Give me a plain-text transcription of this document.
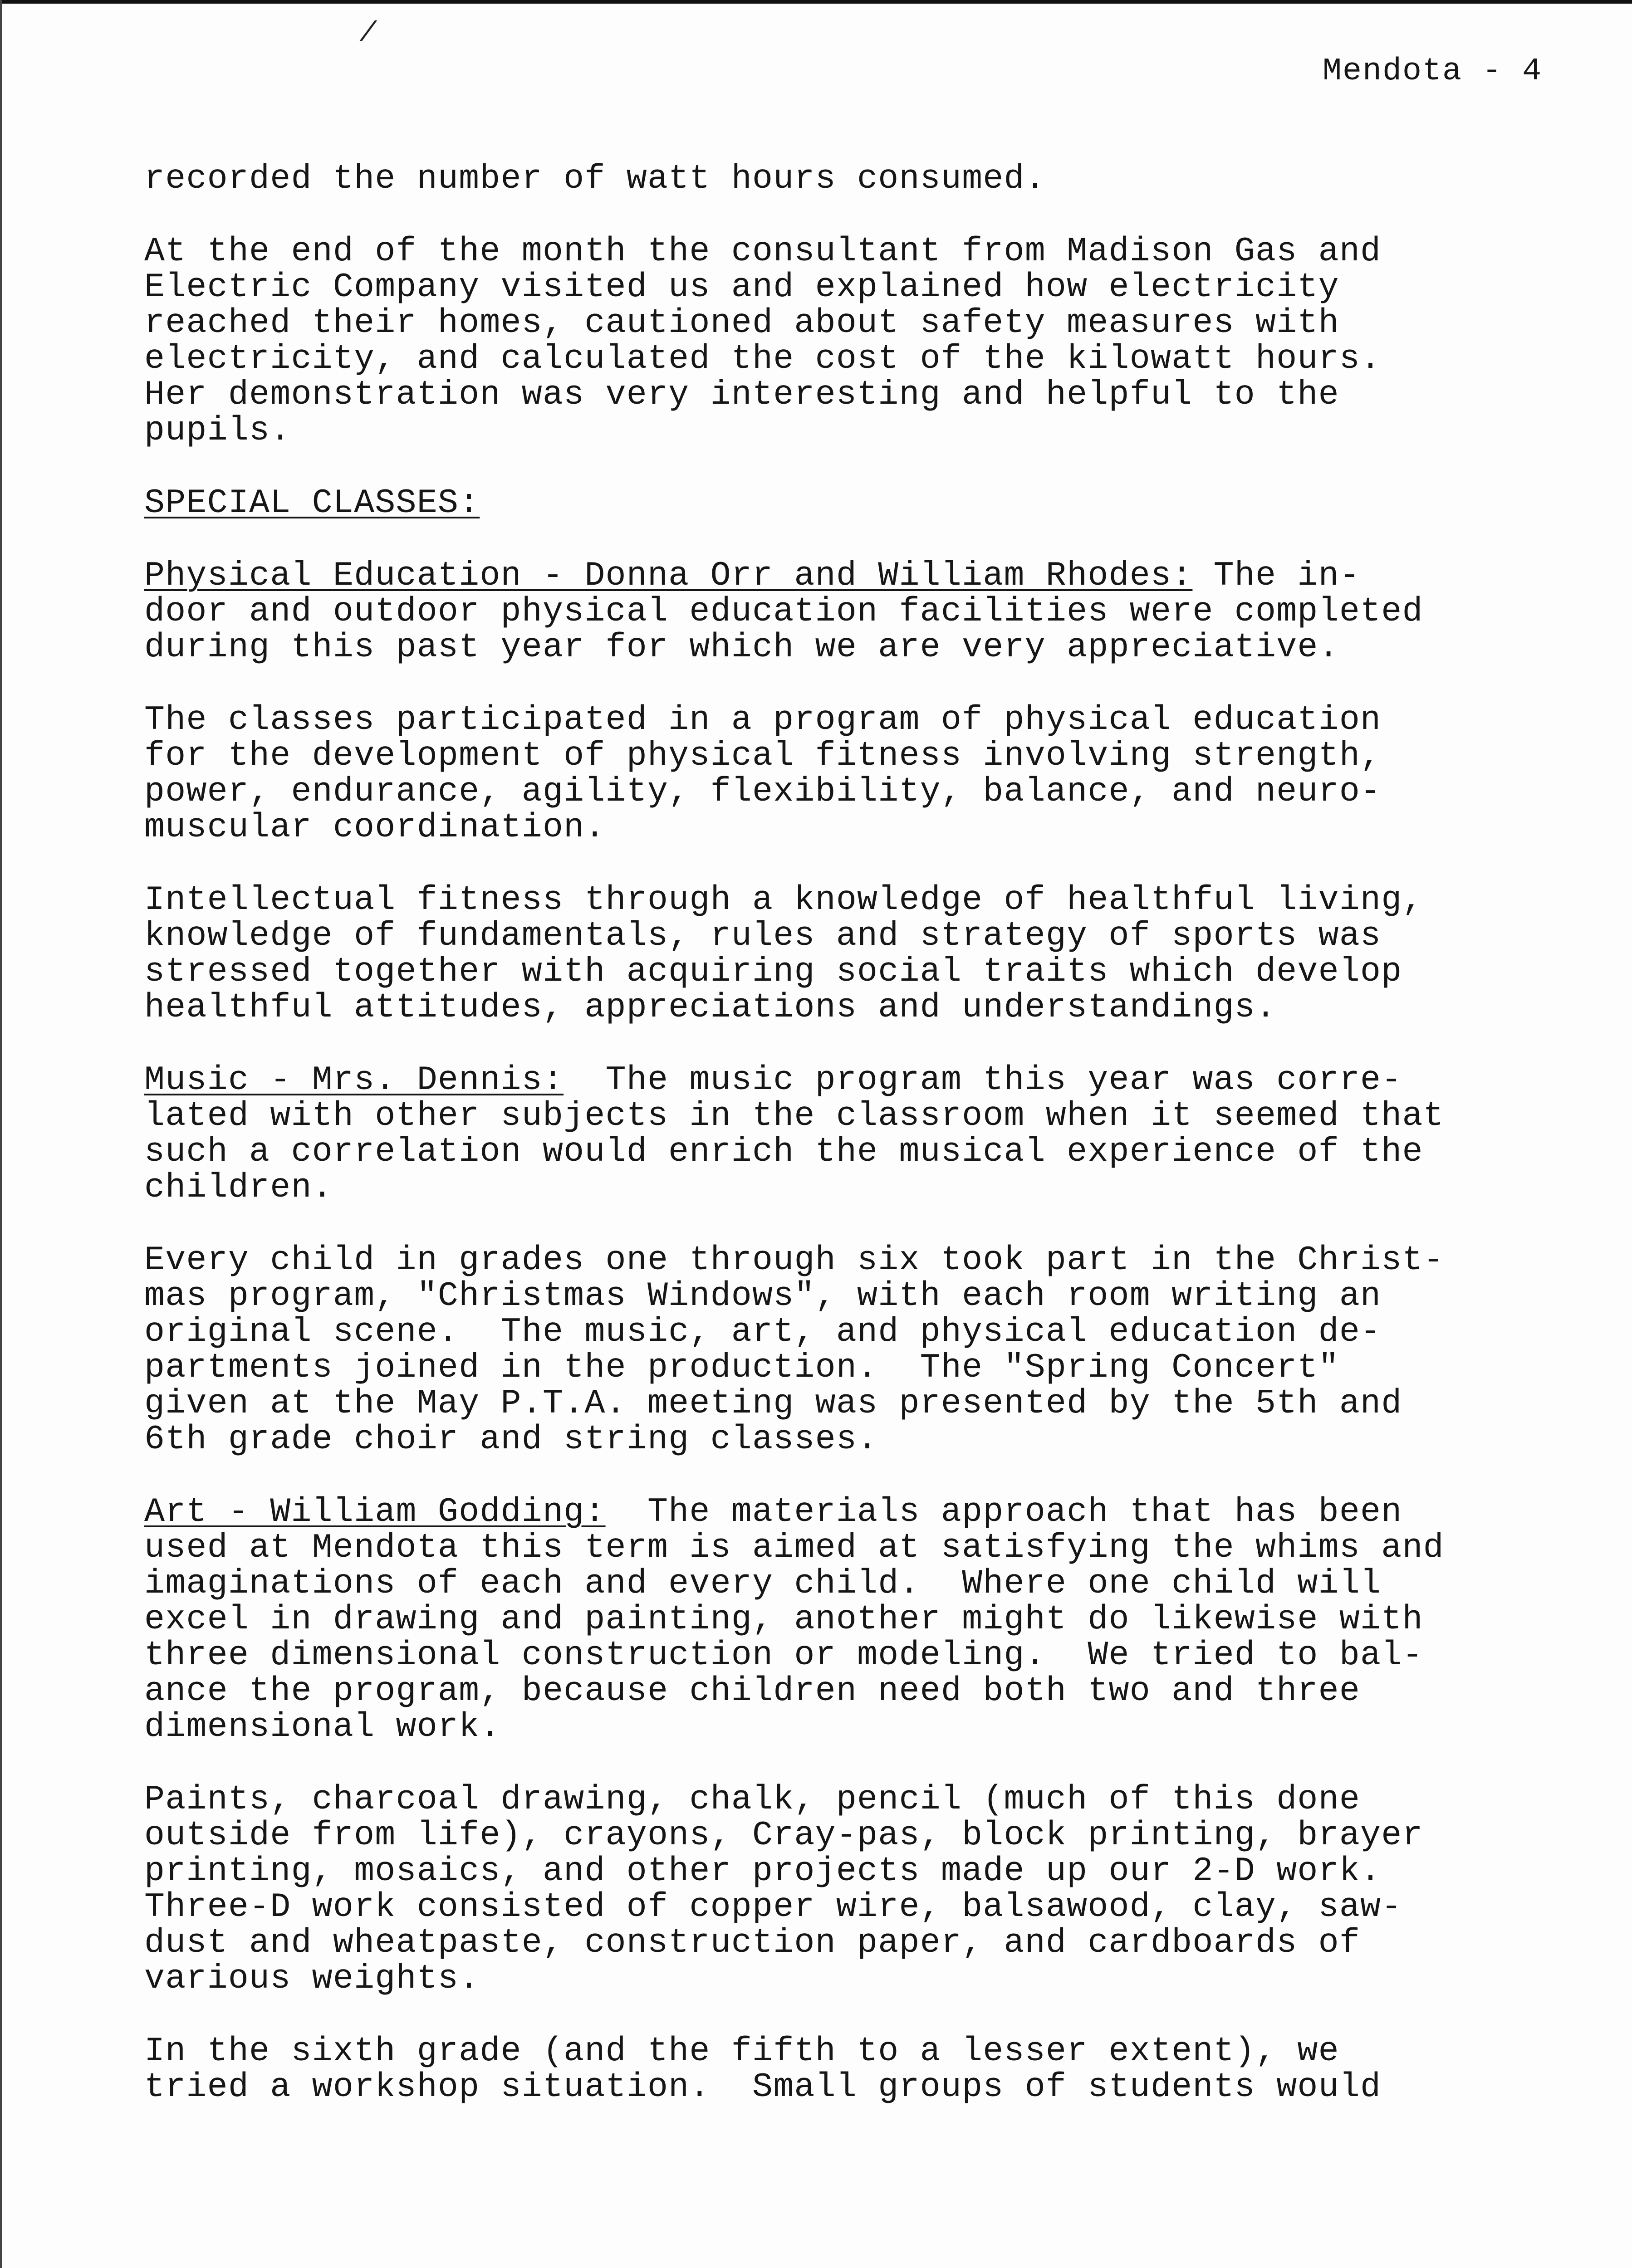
/
Mendota - 4

recorded the number of watt hours consumed.

At the end of the month the consultant from Madison Gas and
Electric Company visited us and explained how electricity
reached their homes, cautioned about safety measures with
electricity, and calculated the cost of the kilowatt hours.
Her demonstration was very interesting and helpful to the
pupils.

SPECIAL CLASSES:

Physical Education - Donna Orr and William Rhodes: The in-
door and outdoor physical education facilities were completed
during this past year for which we are very appreciative.

The classes participated in a program of physical education
for the development of physical fitness involving strength,
power, endurance, agility, flexibility, balance, and neuro-
muscular coordination.

Intellectual fitness through a knowledge of healthful living,
knowledge of fundamentals, rules and strategy of sports was
stressed together with acquiring social traits which develop
healthful attitudes, appreciations and understandings.

Music - Mrs. Dennis:  The music program this year was corre-
lated with other subjects in the classroom when it seemed that
such a correlation would enrich the musical experience of the
children.

Every child in grades one through six took part in the Christ-
mas program, "Christmas Windows", with each room writing an
original scene.  The music, art, and physical education de-
partments joined in the production.  The "Spring Concert"
given at the May P.T.A. meeting was presented by the 5th and
6th grade choir and string classes.

Art - William Godding:  The materials approach that has been
used at Mendota this term is aimed at satisfying the whims and
imaginations of each and every child.  Where one child will
excel in drawing and painting, another might do likewise with
three dimensional construction or modeling.  We tried to bal-
ance the program, because children need both two and three
dimensional work.

Paints, charcoal drawing, chalk, pencil (much of this done
outside from life), crayons, Cray-pas, block printing, brayer
printing, mosaics, and other projects made up our 2-D work.
Three-D work consisted of copper wire, balsawood, clay, saw-
dust and wheatpaste, construction paper, and cardboards of
various weights.

In the sixth grade (and the fifth to a lesser extent), we
tried a workshop situation.  Small groups of students would
